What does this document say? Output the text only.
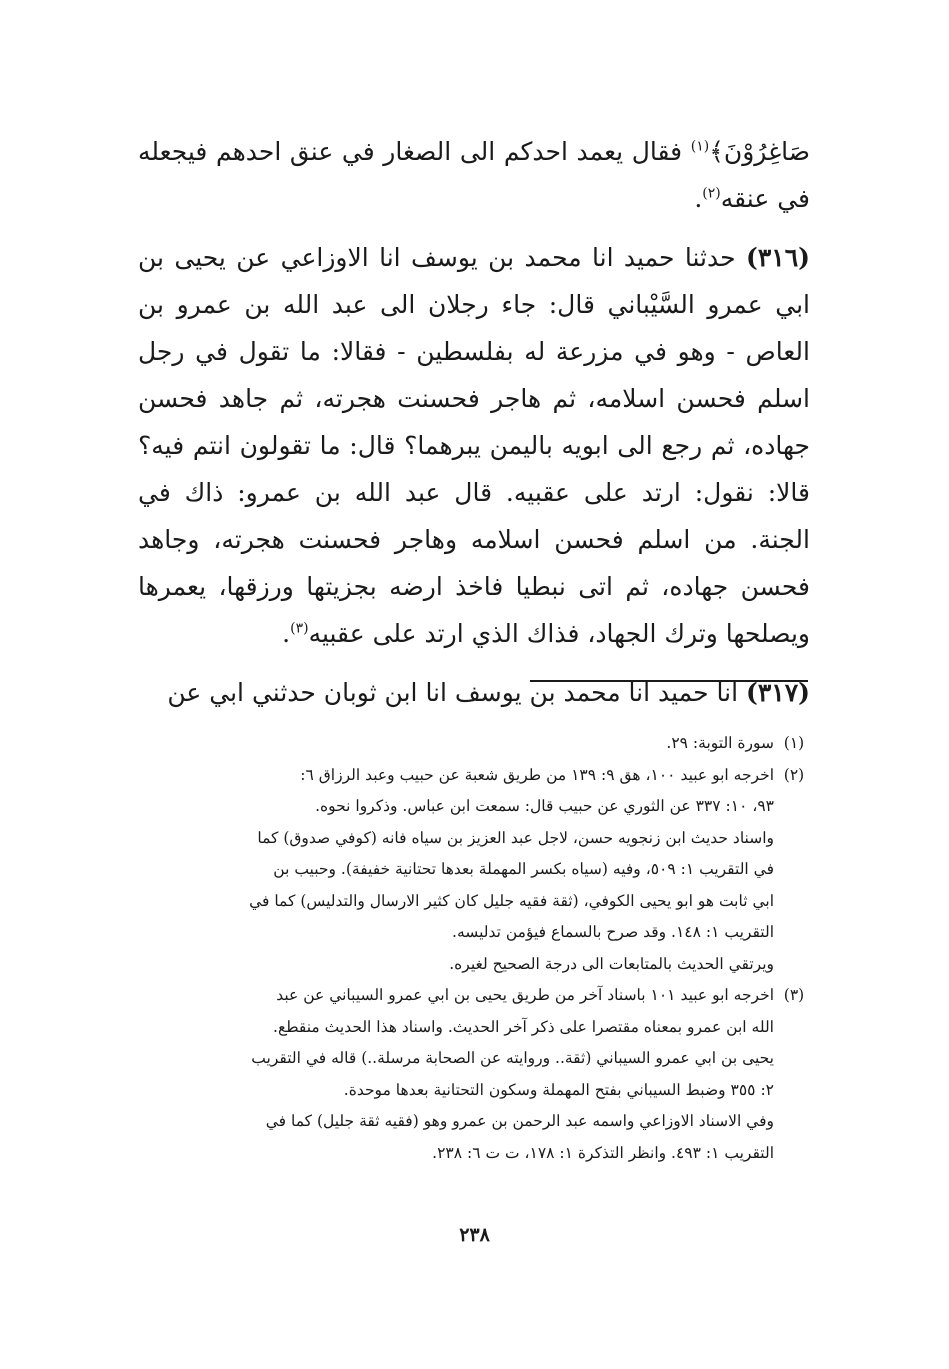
صَاغِرُوْنَ﴾$^{(١)}$ فقال يعمد احدكم الى الصغار في عنق احدهم فيجعله في عنقه$^{(٢)}$.

(٣١٦) حدثنا حميد انا محمد بن يوسف انا الاوزاعي عن يحيى بن ابي عمرو السَّيْباني قال: جاء رجلان الى عبد الله بن عمرو بن العاص - وهو في مزرعة له بفلسطين - فقالا: ما تقول في رجل اسلم فحسن اسلامه، ثم هاجر فحسنت هجرته، ثم جاهد فحسن جهاده، ثم رجع الى ابويه باليمن يبرهما؟ قال: ما تقولون انتم فيه؟ قالا: نقول: ارتد على عقبيه. قال عبد الله بن عمرو: ذاك في الجنة. من اسلم فحسن اسلامه وهاجر فحسنت هجرته، وجاهد فحسن جهاده، ثم اتى نبطيا فاخذ ارضه بجزيتها ورزقها، يعمرها ويصلحها وترك الجهاد، فذاك الذي ارتد على عقبيه$^{(٣)}$.

(٣١٧) انا حميد انا محمد بن يوسف انا ابن ثوبان حدثني ابي عن

(١)
سورة التوبة: ٢٩.
(٢)
اخرجه ابو عبيد ١٠٠، هق ٩: ١٣٩ من طريق شعبة عن حبيب وعبد الرزاق ٦:
٩٣، ١٠: ٣٣٧ عن الثوري عن حبيب قال: سمعت ابن عباس. وذكروا نحوه.
واسناد حديث ابن زنجويه حسن، لاجل عبد العزيز بن سياه فانه (كوفي صدوق) كما
في التقريب ١: ٥٠٩، وفيه (سياه بكسر المهملة بعدها تحتانية خفيفة). وحبيب بن
ابي ثابت هو ابو يحيى الكوفي، (ثقة فقيه جليل كان كثير الارسال والتدليس) كما في
التقريب ١: ١٤٨. وقد صرح بالسماع فيؤمن تدليسه.
ويرتقي الحديث بالمتابعات الى درجة الصحيح لغيره.
(٣)
اخرجه ابو عبيد ١٠١ باسناد آخر من طريق يحيى بن ابي عمرو السيباني عن عبد
الله ابن عمرو بمعناه مقتصرا على ذكر آخر الحديث. واسناد هذا الحديث منقطع.
يحيى بن ابي عمرو السيباني (ثقة.. وروايته عن الصحابة مرسلة..) قاله في التقريب
٢: ٣٥٥ وضبط السيباني بفتح المهملة وسكون التحتانية بعدها موحدة.
وفي الاسناد الاوزاعي واسمه عبد الرحمن بن عمرو وهو (فقيه ثقة جليل) كما في
التقريب ١: ٤٩٣. وانظر التذكرة ١: ١٧٨، ت ت ٦: ٢٣٨.
٢٣٨
